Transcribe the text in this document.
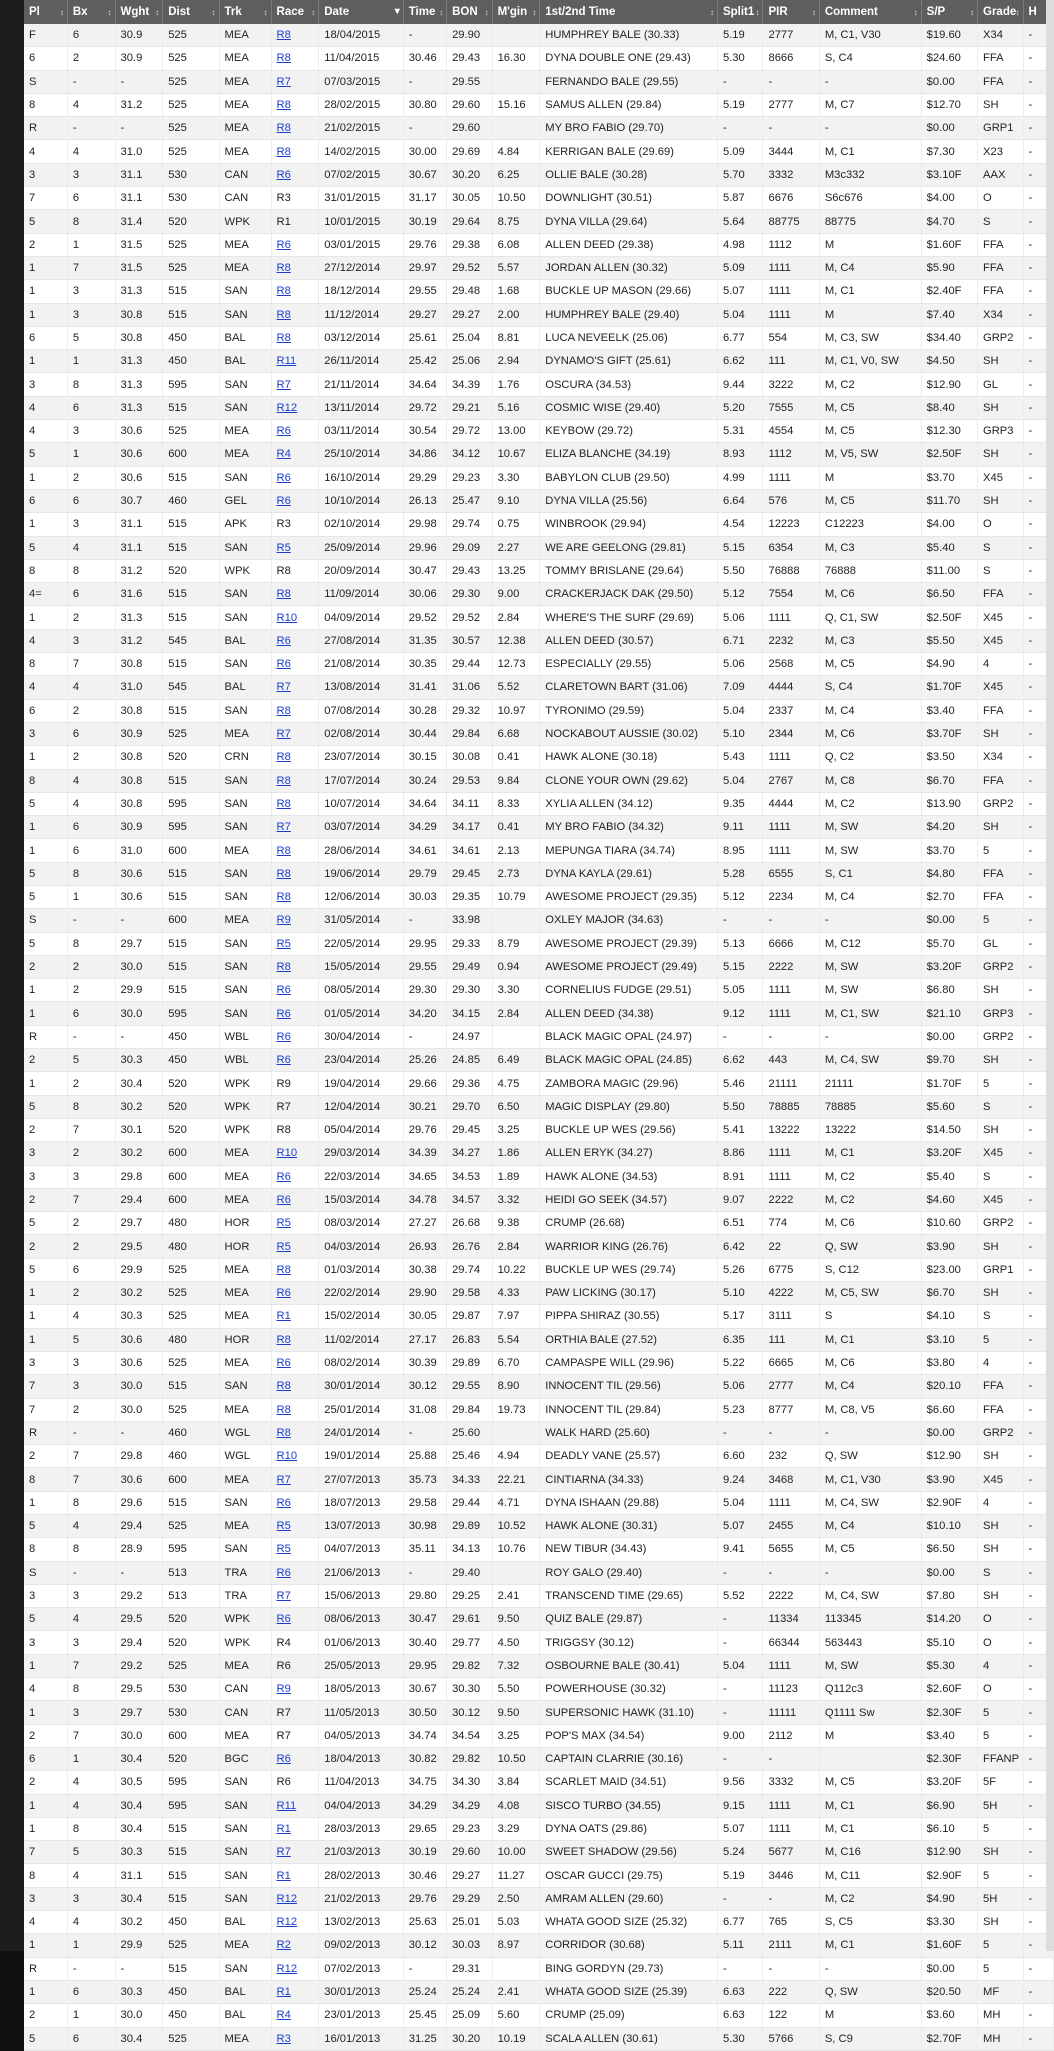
Pl ↕	Bx ↕	Wght ↕	Dist ↕	Trk ↕	Race ↕	Date ▾	Time ↕	BON ↕	M'gin ↕	1st/2nd Time ↕	Split1 ↕	PIR ↕	Comment ↕	S/P ↕	Grade ↕	H

F	6	30.9	525	MEA	R8	18/04/2015	-	29.90		HUMPHREY BALE (30.33)	5.19	2777	M, C1, V30	$19.60	X34	-
6	2	30.9	525	MEA	R8	11/04/2015	30.46	29.43	16.30	DYNA DOUBLE ONE (29.43)	5.30	8666	S, C4	$24.60	FFA	-
S	-	-	525	MEA	R7	07/03/2015	-	29.55		FERNANDO BALE (29.55)	-	-	-	$0.00	FFA	-
8	4	31.2	525	MEA	R8	28/02/2015	30.80	29.60	15.16	SAMUS ALLEN (29.84)	5.19	2777	M, C7	$12.70	SH	-
R	-	-	525	MEA	R8	21/02/2015	-	29.60		MY BRO FABIO (29.70)	-	-	-	$0.00	GRP1	-
4	4	31.0	525	MEA	R8	14/02/2015	30.00	29.69	4.84	KERRIGAN BALE (29.69)	5.09	3444	M, C1	$7.30	X23	-
3	3	31.1	530	CAN	R6	07/02/2015	30.67	30.20	6.25	OLLIE BALE (30.28)	5.70	3332	M3c332	$3.10F	AAX	-
7	6	31.1	530	CAN	R3	31/01/2015	31.17	30.05	10.50	DOWNLIGHT (30.51)	5.87	6676	S6c676	$4.00	O	-
5	8	31.4	520	WPK	R1	10/01/2015	30.19	29.64	8.75	DYNA VILLA (29.64)	5.64	88775	88775	$4.70	S	-
2	1	31.5	525	MEA	R6	03/01/2015	29.76	29.38	6.08	ALLEN DEED (29.38)	4.98	1112	M	$1.60F	FFA	-
1	7	31.5	525	MEA	R8	27/12/2014	29.97	29.52	5.57	JORDAN ALLEN (30.32)	5.09	1111	M, C4	$5.90	FFA	-
1	3	31.3	515	SAN	R8	18/12/2014	29.55	29.48	1.68	BUCKLE UP MASON (29.66)	5.07	1111	M, C1	$2.40F	FFA	-
1	3	30.8	515	SAN	R8	11/12/2014	29.27	29.27	2.00	HUMPHREY BALE (29.40)	5.04	1111	M	$7.40	X34	-
6	5	30.8	450	BAL	R8	03/12/2014	25.61	25.04	8.81	LUCA NEVEELK (25.06)	6.77	554	M, C3, SW	$34.40	GRP2	-
1	1	31.3	450	BAL	R11	26/11/2014	25.42	25.06	2.94	DYNAMO'S GIFT (25.61)	6.62	111	M, C1, V0, SW	$4.50	SH	-
3	8	31.3	595	SAN	R7	21/11/2014	34.64	34.39	1.76	OSCURA (34.53)	9.44	3222	M, C2	$12.90	GL	-
4	6	31.3	515	SAN	R12	13/11/2014	29.72	29.21	5.16	COSMIC WISE (29.40)	5.20	7555	M, C5	$8.40	SH	-
4	3	30.6	525	MEA	R6	03/11/2014	30.54	29.72	13.00	KEYBOW (29.72)	5.31	4554	M, C5	$12.30	GRP3	-
5	1	30.6	600	MEA	R4	25/10/2014	34.86	34.12	10.67	ELIZA BLANCHE (34.19)	8.93	1112	M, V5, SW	$2.50F	SH	-
1	2	30.6	515	SAN	R6	16/10/2014	29.29	29.23	3.30	BABYLON CLUB (29.50)	4.99	1111	M	$3.70	X45	-
6	6	30.7	460	GEL	R6	10/10/2014	26.13	25.47	9.10	DYNA VILLA (25.56)	6.64	576	M, C5	$11.70	SH	-
1	3	31.1	515	APK	R3	02/10/2014	29.98	29.74	0.75	WINBROOK (29.94)	4.54	12223	C12223	$4.00	O	-
5	4	31.1	515	SAN	R5	25/09/2014	29.96	29.09	2.27	WE ARE GEELONG (29.81)	5.15	6354	M, C3	$5.40	S	-
8	8	31.2	520	WPK	R8	20/09/2014	30.47	29.43	13.25	TOMMY BRISLANE (29.64)	5.50	76888	76888	$11.00	S	-
4=	6	31.6	515	SAN	R8	11/09/2014	30.06	29.30	9.00	CRACKERJACK DAK (29.50)	5.12	7554	M, C6	$6.50	FFA	-
1	2	31.3	515	SAN	R10	04/09/2014	29.52	29.52	2.84	WHERE'S THE SURF (29.69)	5.06	1111	Q, C1, SW	$2.50F	X45	-
4	3	31.2	545	BAL	R6	27/08/2014	31.35	30.57	12.38	ALLEN DEED (30.57)	6.71	2232	M, C3	$5.50	X45	-
8	7	30.8	515	SAN	R6	21/08/2014	30.35	29.44	12.73	ESPECIALLY (29.55)	5.06	2568	M, C5	$4.90	4	-
4	4	31.0	545	BAL	R7	13/08/2014	31.41	31.06	5.52	CLARETOWN BART (31.06)	7.09	4444	S, C4	$1.70F	X45	-
6	2	30.8	515	SAN	R8	07/08/2014	30.28	29.32	10.97	TYRONIMO (29.59)	5.04	2337	M, C4	$3.40	FFA	-
3	6	30.9	525	MEA	R7	02/08/2014	30.44	29.84	6.68	NOCKABOUT AUSSIE (30.02)	5.10	2344	M, C6	$3.70F	SH	-
1	2	30.8	520	CRN	R8	23/07/2014	30.15	30.08	0.41	HAWK ALONE (30.18)	5.43	1111	Q, C2	$3.50	X34	-
8	4	30.8	515	SAN	R8	17/07/2014	30.24	29.53	9.84	CLONE YOUR OWN (29.62)	5.04	2767	M, C8	$6.70	FFA	-
5	4	30.8	595	SAN	R8	10/07/2014	34.64	34.11	8.33	XYLIA ALLEN (34.12)	9.35	4444	M, C2	$13.90	GRP2	-
1	6	30.9	595	SAN	R7	03/07/2014	34.29	34.17	0.41	MY BRO FABIO (34.32)	9.11	1111	M, SW	$4.20	SH	-
1	6	31.0	600	MEA	R8	28/06/2014	34.61	34.61	2.13	MEPUNGA TIARA (34.74)	8.95	1111	M, SW	$3.70	5	-
5	8	30.6	515	SAN	R8	19/06/2014	29.79	29.45	2.73	DYNA KAYLA (29.61)	5.28	6555	S, C1	$4.80	FFA	-
5	1	30.6	515	SAN	R8	12/06/2014	30.03	29.35	10.79	AWESOME PROJECT (29.35)	5.12	2234	M, C4	$2.70	FFA	-
S	-	-	600	MEA	R9	31/05/2014	-	33.98		OXLEY MAJOR (34.63)	-	-	-	$0.00	5	-
5	8	29.7	515	SAN	R5	22/05/2014	29.95	29.33	8.79	AWESOME PROJECT (29.39)	5.13	6666	M, C12	$5.70	GL	-
2	2	30.0	515	SAN	R8	15/05/2014	29.55	29.49	0.94	AWESOME PROJECT (29.49)	5.15	2222	M, SW	$3.20F	GRP2	-
1	2	29.9	515	SAN	R6	08/05/2014	29.30	29.30	3.30	CORNELIUS FUDGE (29.51)	5.05	1111	M, SW	$6.80	SH	-
1	6	30.0	595	SAN	R6	01/05/2014	34.20	34.15	2.84	ALLEN DEED (34.38)	9.12	1111	M, C1, SW	$21.10	GRP3	-
R	-	-	450	WBL	R6	30/04/2014	-	24.97		BLACK MAGIC OPAL (24.97)	-	-	-	$0.00	GRP2	-
2	5	30.3	450	WBL	R6	23/04/2014	25.26	24.85	6.49	BLACK MAGIC OPAL (24.85)	6.62	443	M, C4, SW	$9.70	SH	-
1	2	30.4	520	WPK	R9	19/04/2014	29.66	29.36	4.75	ZAMBORA MAGIC (29.96)	5.46	21111	21111	$1.70F	5	-
5	8	30.2	520	WPK	R7	12/04/2014	30.21	29.70	6.50	MAGIC DISPLAY (29.80)	5.50	78885	78885	$5.60	S	-
2	7	30.1	520	WPK	R8	05/04/2014	29.76	29.45	3.25	BUCKLE UP WES (29.56)	5.41	13222	13222	$14.50	SH	-
3	2	30.2	600	MEA	R10	29/03/2014	34.39	34.27	1.86	ALLEN ERYK (34.27)	8.86	1111	M, C1	$3.20F	X45	-
3	3	29.8	600	MEA	R6	22/03/2014	34.65	34.53	1.89	HAWK ALONE (34.53)	8.91	1111	M, C2	$5.40	S	-
2	7	29.4	600	MEA	R6	15/03/2014	34.78	34.57	3.32	HEIDI GO SEEK (34.57)	9.07	2222	M, C2	$4.60	X45	-
5	2	29.7	480	HOR	R5	08/03/2014	27.27	26.68	9.38	CRUMP (26.68)	6.51	774	M, C6	$10.60	GRP2	-
2	2	29.5	480	HOR	R5	04/03/2014	26.93	26.76	2.84	WARRIOR KING (26.76)	6.42	22	Q, SW	$3.90	SH	-
5	6	29.9	525	MEA	R8	01/03/2014	30.38	29.74	10.22	BUCKLE UP WES (29.74)	5.26	6775	S, C12	$23.00	GRP1	-
1	2	30.2	525	MEA	R6	22/02/2014	29.90	29.58	4.33	PAW LICKING (30.17)	5.10	4222	M, C5, SW	$6.70	SH	-
1	4	30.3	525	MEA	R1	15/02/2014	30.05	29.87	7.97	PIPPA SHIRAZ (30.55)	5.17	3111	S	$4.10	S	-
1	5	30.6	480	HOR	R8	11/02/2014	27.17	26.83	5.54	ORTHIA BALE (27.52)	6.35	111	M, C1	$3.10	5	-
3	3	30.6	525	MEA	R6	08/02/2014	30.39	29.89	6.70	CAMPASPE WILL (29.96)	5.22	6665	M, C6	$3.80	4	-
7	3	30.0	515	SAN	R8	30/01/2014	30.12	29.55	8.90	INNOCENT TIL (29.56)	5.06	2777	M, C4	$20.10	FFA	-
7	2	30.0	525	MEA	R8	25/01/2014	31.08	29.84	19.73	INNOCENT TIL (29.84)	5.23	8777	M, C8, V5	$6.60	FFA	-
R	-	-	460	WGL	R8	24/01/2014	-	25.60		WALK HARD (25.60)	-	-	-	$0.00	GRP2	-
2	7	29.8	460	WGL	R10	19/01/2014	25.88	25.46	4.94	DEADLY VANE (25.57)	6.60	232	Q, SW	$12.90	SH	-
8	7	30.6	600	MEA	R7	27/07/2013	35.73	34.33	22.21	CINTIARNA (34.33)	9.24	3468	M, C1, V30	$3.90	X45	-
1	8	29.6	515	SAN	R6	18/07/2013	29.58	29.44	4.71	DYNA ISHAAN (29.88)	5.04	1111	M, C4, SW	$2.90F	4	-
5	4	29.4	525	MEA	R5	13/07/2013	30.98	29.89	10.52	HAWK ALONE (30.31)	5.07	2455	M, C4	$10.10	SH	-
8	8	28.9	595	SAN	R5	04/07/2013	35.11	34.13	10.76	NEW TIBUR (34.43)	9.41	5655	M, C5	$6.50	SH	-
S	-	-	513	TRA	R6	21/06/2013	-	29.40		ROY GALO (29.40)	-	-	-	$0.00	S	-
3	3	29.2	513	TRA	R7	15/06/2013	29.80	29.25	2.41	TRANSCEND TIME (29.65)	5.52	2222	M, C4, SW	$7.80	SH	-
5	4	29.5	520	WPK	R6	08/06/2013	30.47	29.61	9.50	QUIZ BALE (29.87)	-	11334	113345	$14.20	O	-
3	3	29.4	520	WPK	R4	01/06/2013	30.40	29.77	4.50	TRIGGSY (30.12)	-	66344	563443	$5.10	O	-
1	7	29.2	525	MEA	R6	25/05/2013	29.95	29.82	7.32	OSBOURNE BALE (30.41)	5.04	1111	M, SW	$5.30	4	-
4	8	29.5	530	CAN	R9	18/05/2013	30.67	30.30	5.50	POWERHOUSE (30.32)	-	11123	Q112c3	$2.60F	O	-
1	3	29.7	530	CAN	R7	11/05/2013	30.50	30.12	9.50	SUPERSONIC HAWK (31.10)	-	11111	Q1111 Sw	$2.30F	5	-
2	7	30.0	600	MEA	R7	04/05/2013	34.74	34.54	3.25	POP'S MAX (34.54)	9.00	2112	M	$3.40	5	-
6	1	30.4	520	BGC	R6	18/04/2013	30.82	29.82	10.50	CAPTAIN CLARRIE (30.16)	-	-		$2.30F	FFANP	-
2	4	30.5	595	SAN	R6	11/04/2013	34.75	34.30	3.84	SCARLET MAID (34.51)	9.56	3332	M, C5	$3.20F	5F	-
1	4	30.4	595	SAN	R11	04/04/2013	34.29	34.29	4.08	SISCO TURBO (34.55)	9.15	1111	M, C1	$6.90	5H	-
1	8	30.4	515	SAN	R1	28/03/2013	29.65	29.23	3.29	DYNA OATS (29.86)	5.07	1111	M, C1	$6.10	5	-
7	5	30.3	515	SAN	R7	21/03/2013	30.19	29.60	10.00	SWEET SHADOW (29.56)	5.24	5677	M, C16	$12.90	SH	-
8	4	31.1	515	SAN	R1	28/02/2013	30.46	29.27	11.27	OSCAR GUCCI (29.75)	5.19	3446	M, C11	$2.90F	5	-
3	3	30.4	515	SAN	R12	21/02/2013	29.76	29.29	2.50	AMRAM ALLEN (29.60)	-	-	M, C2	$4.90	5H	-
4	4	30.2	450	BAL	R12	13/02/2013	25.63	25.01	5.03	WHATA GOOD SIZE (25.32)	6.77	765	S, C5	$3.30	SH	-
1	1	29.9	525	MEA	R2	09/02/2013	30.12	30.03	8.97	CORRIDOR (30.68)	5.11	2111	M, C1	$1.60F	5	-
R	-	-	515	SAN	R12	07/02/2013	-	29.31		BING GORDYN (29.73)	-	-	-	$0.00	5	-
1	6	30.3	450	BAL	R1	30/01/2013	25.24	25.24	2.41	WHATA GOOD SIZE (25.39)	6.63	222	Q, SW	$20.50	MF	-
2	1	30.0	450	BAL	R4	23/01/2013	25.45	25.09	5.60	CRUMP (25.09)	6.63	122	M	$3.60	MH	-
5	6	30.4	525	MEA	R3	16/01/2013	31.25	30.20	10.19	SCALA ALLEN (30.61)	5.30	5766	S, C9	$2.70F	MH	-
